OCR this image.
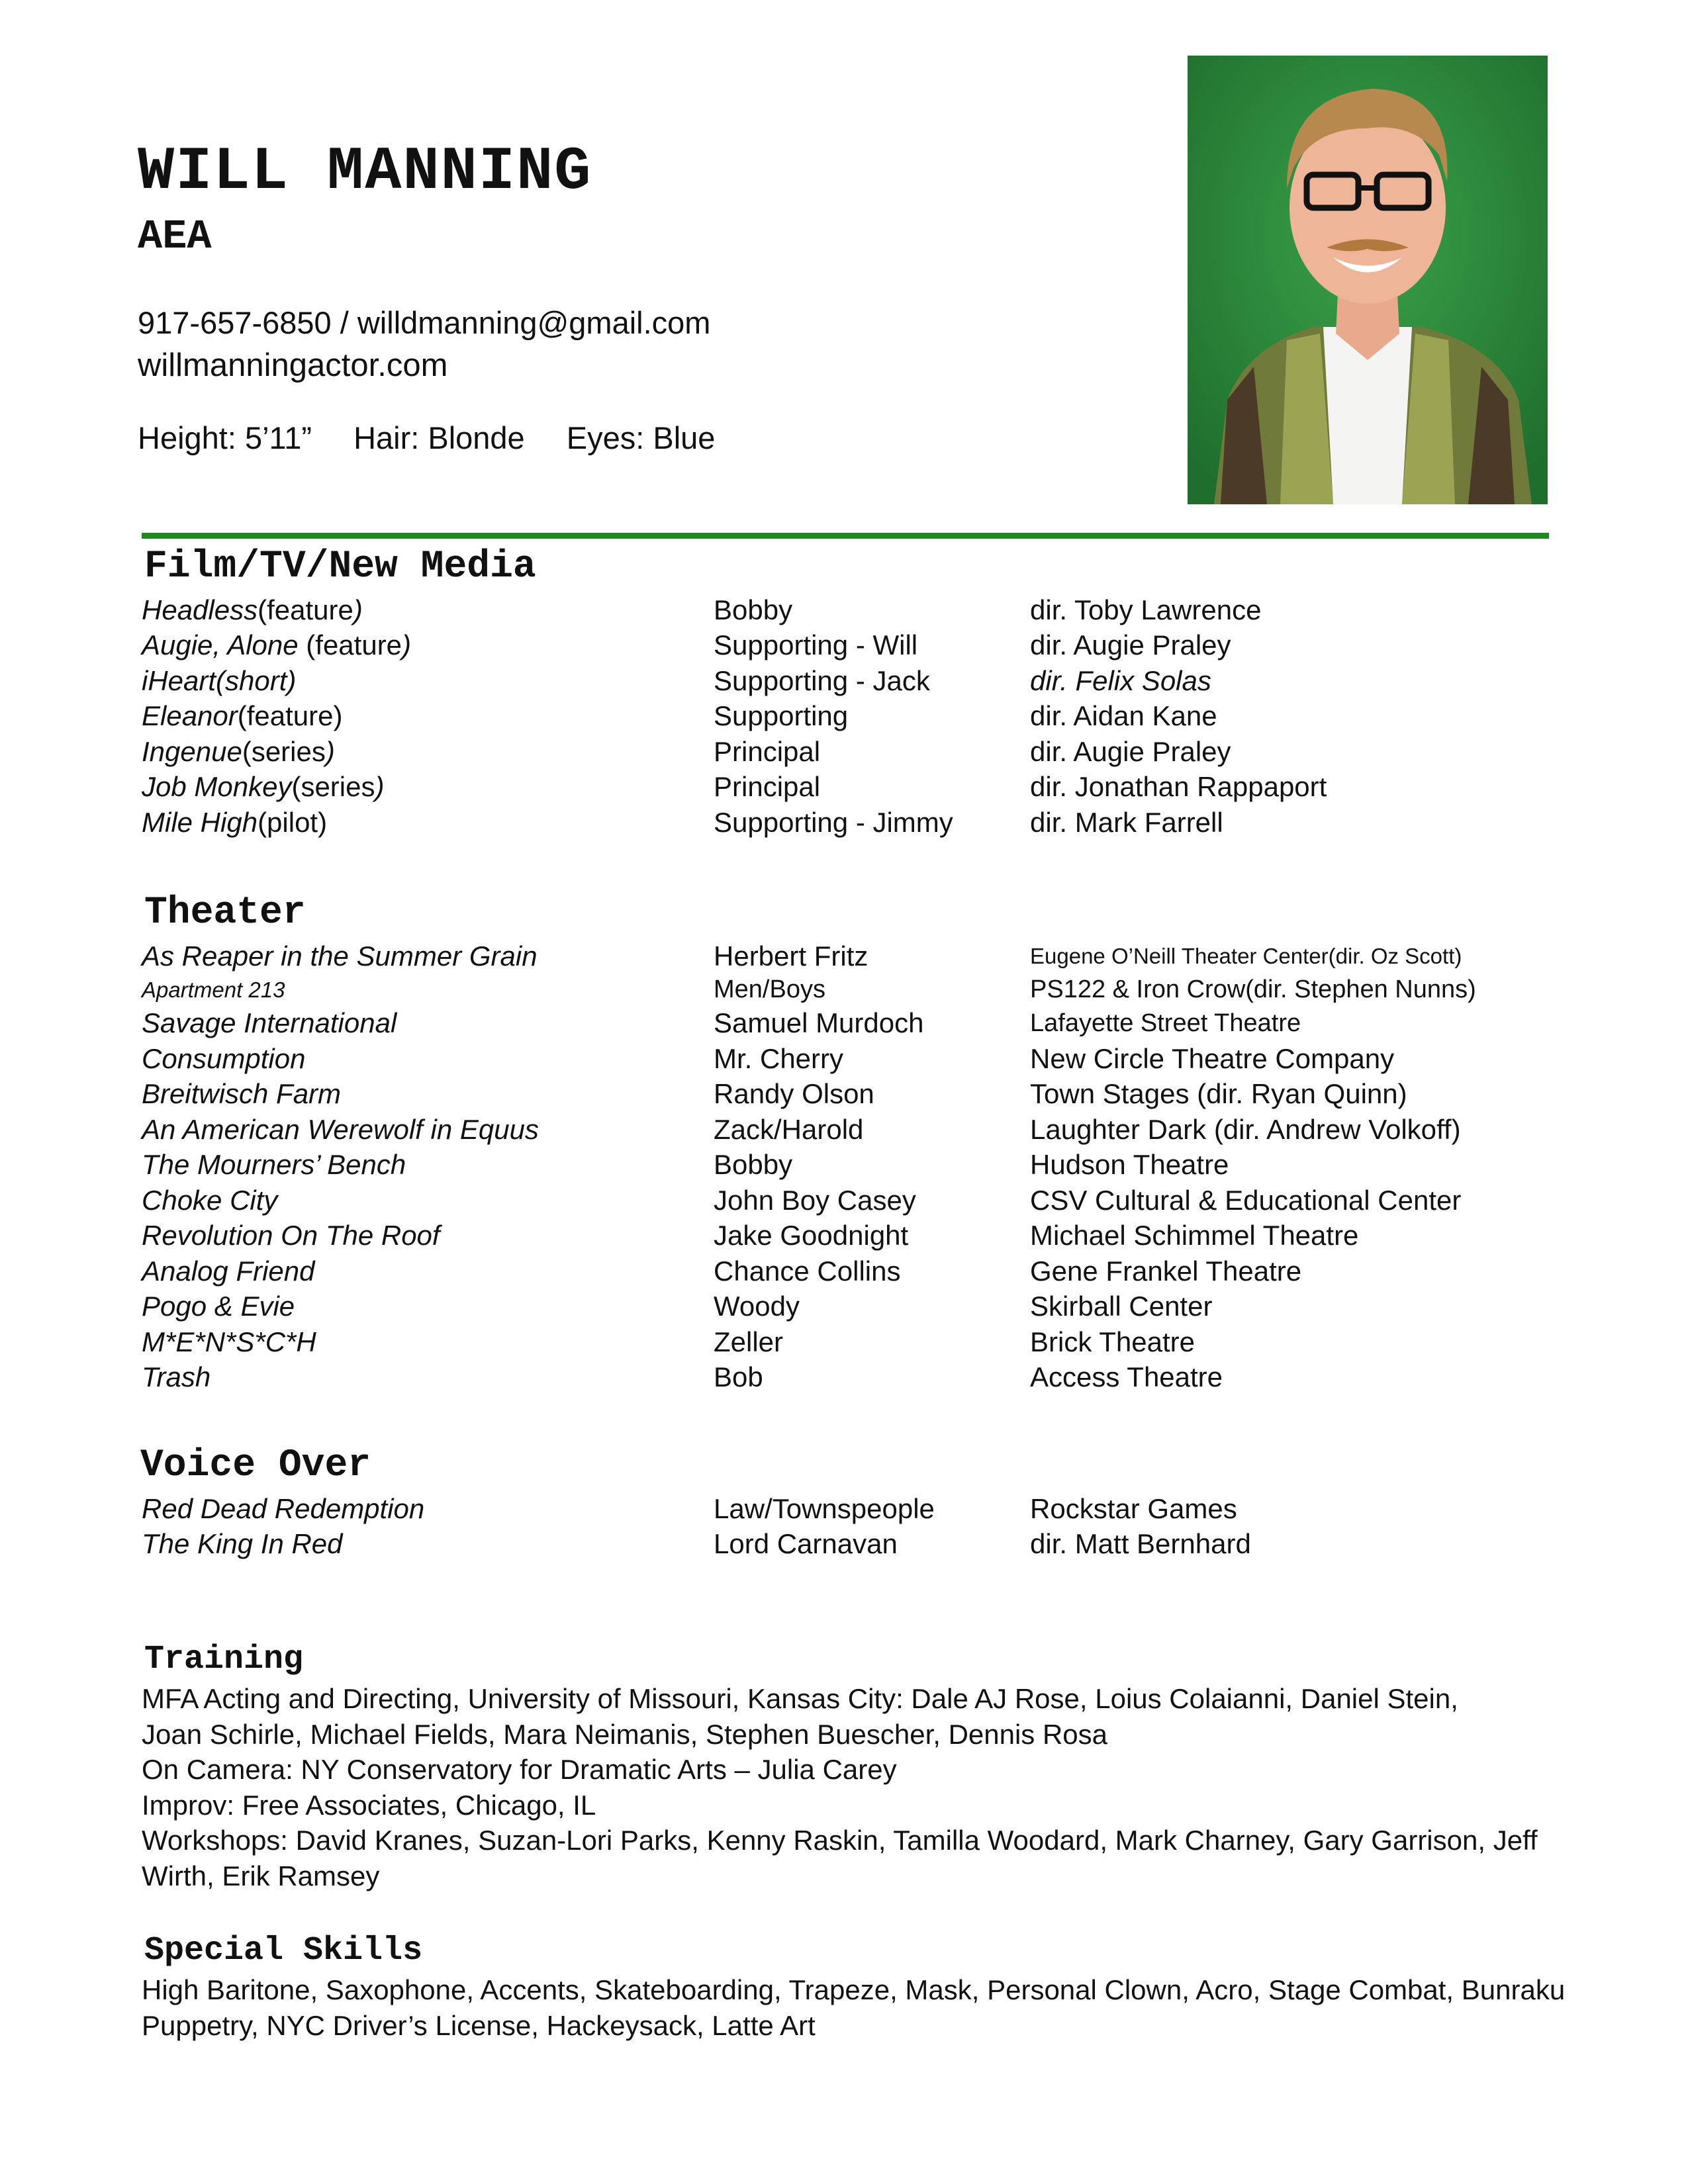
WILL MANNING
AEA
917-657-6850 / willdmanning@gmail.com
willmanningactor.com
Height: 5’11” Hair: Blonde Eyes: Blue
Film/TV/New Media
Headless(feature)	Bobby	dir. Toby Lawrence
Augie, Alone (feature)	Supporting - Will	dir. Augie Praley
iHeart(short)	Supporting - Jack	dir. Felix Solas
Eleanor(feature)	Supporting	dir. Aidan Kane
Ingenue(series)	Principal	dir. Augie Praley
Job Monkey(series)	Principal	dir. Jonathan Rappaport
Mile High(pilot)	Supporting - Jimmy	dir. Mark Farrell
Theater
As Reaper in the Summer Grain	Herbert Fritz	Eugene O’Neill Theater Center(dir. Oz Scott)
Apartment 213	Men/Boys	PS122 & Iron Crow(dir. Stephen Nunns)
Savage International	Samuel Murdoch	Lafayette Street Theatre
Consumption	Mr. Cherry	New Circle Theatre Company
Breitwisch Farm	Randy Olson	Town Stages (dir. Ryan Quinn)
An American Werewolf in Equus	Zack/Harold	Laughter Dark (dir. Andrew Volkoff)
The Mourners’ Bench	Bobby	Hudson Theatre
Choke City	John Boy Casey	CSV Cultural & Educational Center
Revolution On The Roof	Jake Goodnight	Michael Schimmel Theatre
Analog Friend	Chance Collins	Gene Frankel Theatre
Pogo & Evie	Woody	Skirball Center
M*E*N*S*C*H	Zeller	Brick Theatre
Trash	Bob	Access Theatre
Voice Over
Red Dead Redemption	Law/Townspeople	Rockstar Games
The King In Red	Lord Carnavan	dir. Matt Bernhard
Training
MFA Acting and Directing, University of Missouri, Kansas City: Dale AJ Rose, Loius Colaianni, Daniel Stein,
Joan Schirle, Michael Fields, Mara Neimanis, Stephen Buescher, Dennis Rosa
On Camera: NY Conservatory for Dramatic Arts – Julia Carey
Improv: Free Associates, Chicago, IL
Workshops: David Kranes, Suzan-Lori Parks, Kenny Raskin, Tamilla Woodard, Mark Charney, Gary Garrison, Jeff
Wirth, Erik Ramsey
Special Skills
High Baritone, Saxophone, Accents, Skateboarding, Trapeze, Mask, Personal Clown, Acro, Stage Combat, Bunraku
Puppetry, NYC Driver’s License, Hackeysack, Latte Art
